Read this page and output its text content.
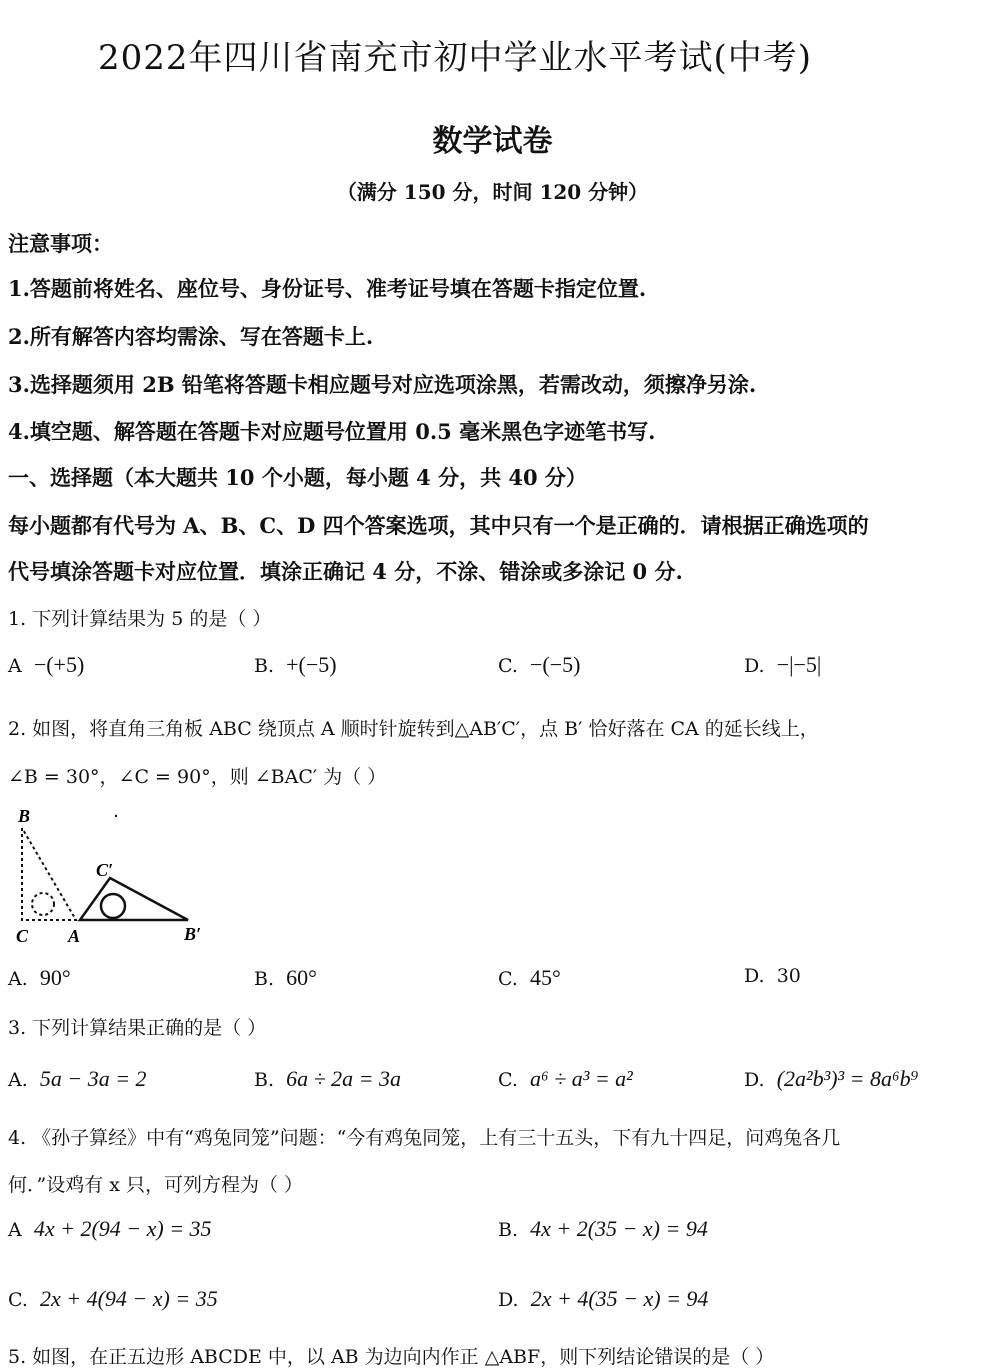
2022年四川省南充市初中学业水平考试(中考)
数学试卷
（满分 150 分，时间 120 分钟）
注意事项：
1.答题前将姓名、座位号、身份证号、准考证号填在答题卡指定位置.
2.所有解答内容均需涂、写在答题卡上.
3.选择题须用 2B 铅笔将答题卡相应题号对应选项涂黑，若需改动，须擦净另涂.
4.填空题、解答题在答题卡对应题号位置用 0.5 毫米黑色字迹笔书写.
一、选择题（本大题共 10 个小题，每小题 4 分，共 40 分）
每小题都有代号为 A、B、C、D 四个答案选项，其中只有一个是正确的．请根据正确选项的
代号填涂答题卡对应位置．填涂正确记 4 分，不涂、错涂或多涂记 0 分.
1. 下列计算结果为 5 的是（ ）
A −(+5)	B. +(−5)	C. −(−5)	D. −|−5|
2. 如图，将直角三角板 ABC 绕顶点 A 顺时针旋转到△AB′C′，点 B′ 恰好落在 CA 的延长线上，
∠B = 30°，∠C = 90°，则 ∠BAC′ 为（ ）
B
C A
C′
B′
A. 90°	B. 60°	C. 45°	D. 30
3. 下列计算结果正确的是（ ）
A. 5a − 3a = 2	B. 6a ÷ 2a = 3a	C. a⁶ ÷ a³ = a²	D. (2a²b³)³ = 8a⁶b⁹
4. 《孙子算经》中有“鸡兔同笼”问题：“今有鸡兔同笼，上有三十五头，下有九十四足，问鸡兔各几
何．”设鸡有 x 只，可列方程为（ ）
A 4x + 2(94 − x) = 35	B. 4x + 2(35 − x) = 94
C. 2x + 4(94 − x) = 35	D. 2x + 4(35 − x) = 94
5. 如图，在正五边形 ABCDE 中，以 AB 为边向内作正 △ABF，则下列结论错误的是（ ）
